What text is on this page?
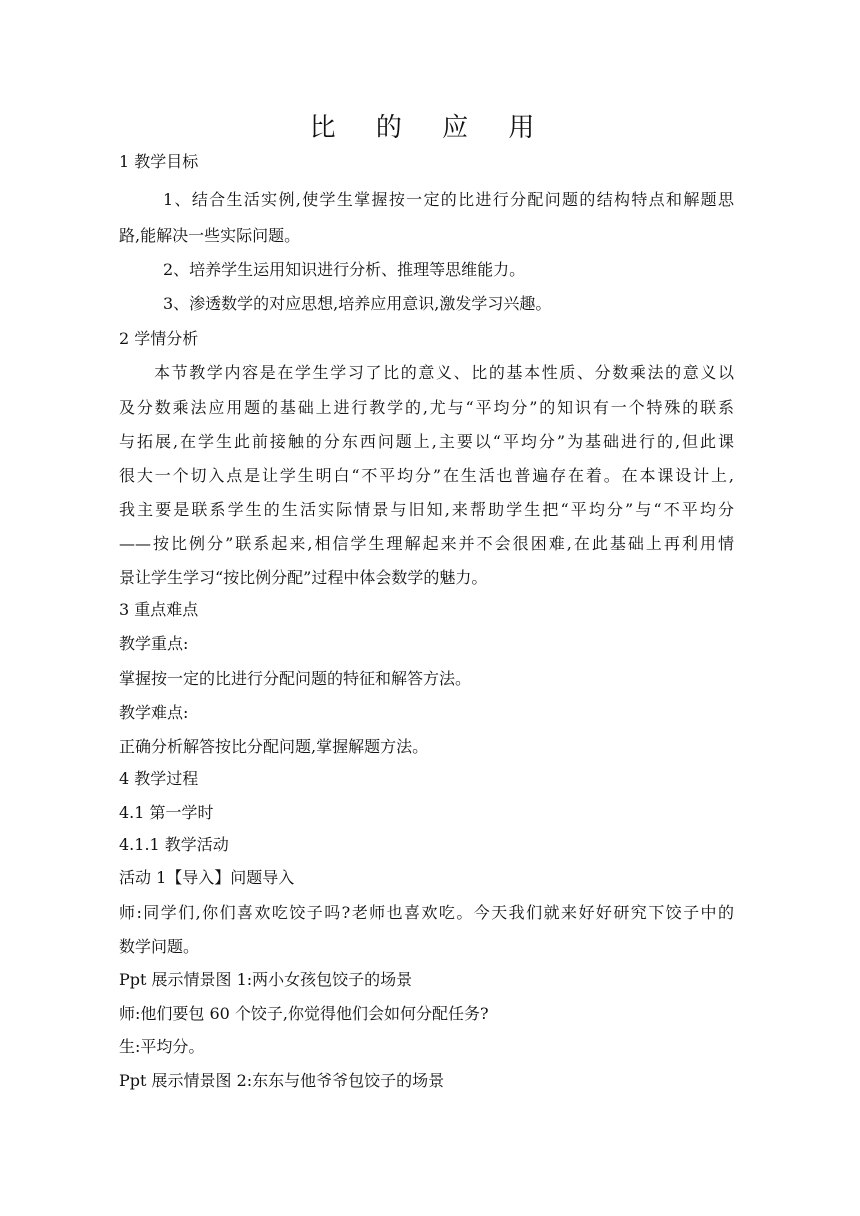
比 的 应 用
1 教学目标
1、结合生活实例,使学生掌握按一定的比进行分配问题的结构特点和解题思
路,能解决一些实际问题。
2、培养学生运用知识进行分析、推理等思维能力。
3、渗透数学的对应思想,培养应用意识,激发学习兴趣。
2 学情分析
本节教学内容是在学生学习了比的意义、比的基本性质、分数乘法的意义以
及分数乘法应用题的基础上进行教学的,尤与“平均分”的知识有一个特殊的联系
与拓展,在学生此前接触的分东西问题上,主要以“平均分”为基础进行的,但此课
很大一个切入点是让学生明白“不平均分”在生活也普遍存在着。在本课设计上,
我主要是联系学生的生活实际情景与旧知,来帮助学生把“平均分”与“不平均分
——按比例分”联系起来,相信学生理解起来并不会很困难,在此基础上再利用情
景让学生学习“按比例分配”过程中体会数学的魅力。
3 重点难点
教学重点:
掌握按一定的比进行分配问题的特征和解答方法。
教学难点:
正确分析解答按比分配问题,掌握解题方法。
4 教学过程
4.1 第一学时
4.1.1 教学活动
活动 1【导入】问题导入
师:同学们,你们喜欢吃饺子吗?老师也喜欢吃。今天我们就来好好研究下饺子中的
数学问题。
Ppt 展示情景图 1:两小女孩包饺子的场景
师:他们要包 60 个饺子,你觉得他们会如何分配任务?
生:平均分。
Ppt 展示情景图 2:东东与他爷爷包饺子的场景
